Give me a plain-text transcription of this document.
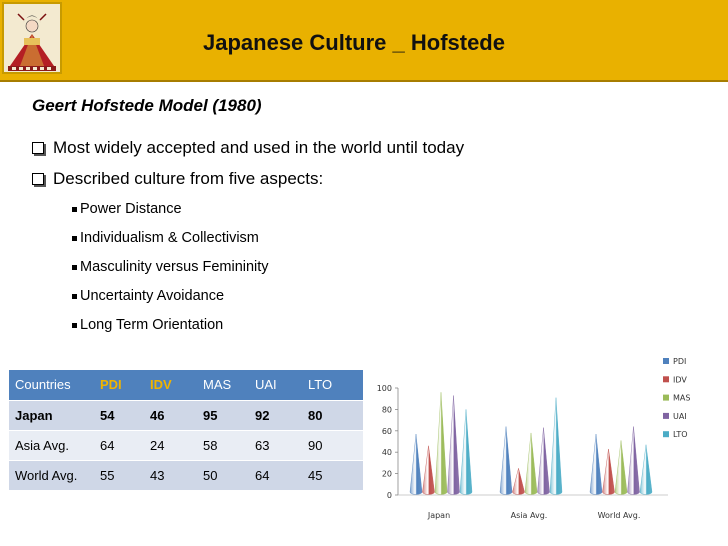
Japanese Culture _ Hofstede
Geert Hofstede Model (1980)
Most widely accepted and used in the world until today
Described culture from five aspects:
Power Distance
Individualism & Collectivism
Masculinity versus Femininity
Uncertainty Avoidance
Long Term Orientation
Countries	PDI	IDV	MAS	UAI	LTO
Japan	54	46	95	92	80
Asia Avg.	64	24	58	63	90
World Avg.	55	43	50	64	45
0
20
40
60
80
100
Japan	Asia Avg.	World Avg.
PDI
IDV
MAS
UAI
LTO
